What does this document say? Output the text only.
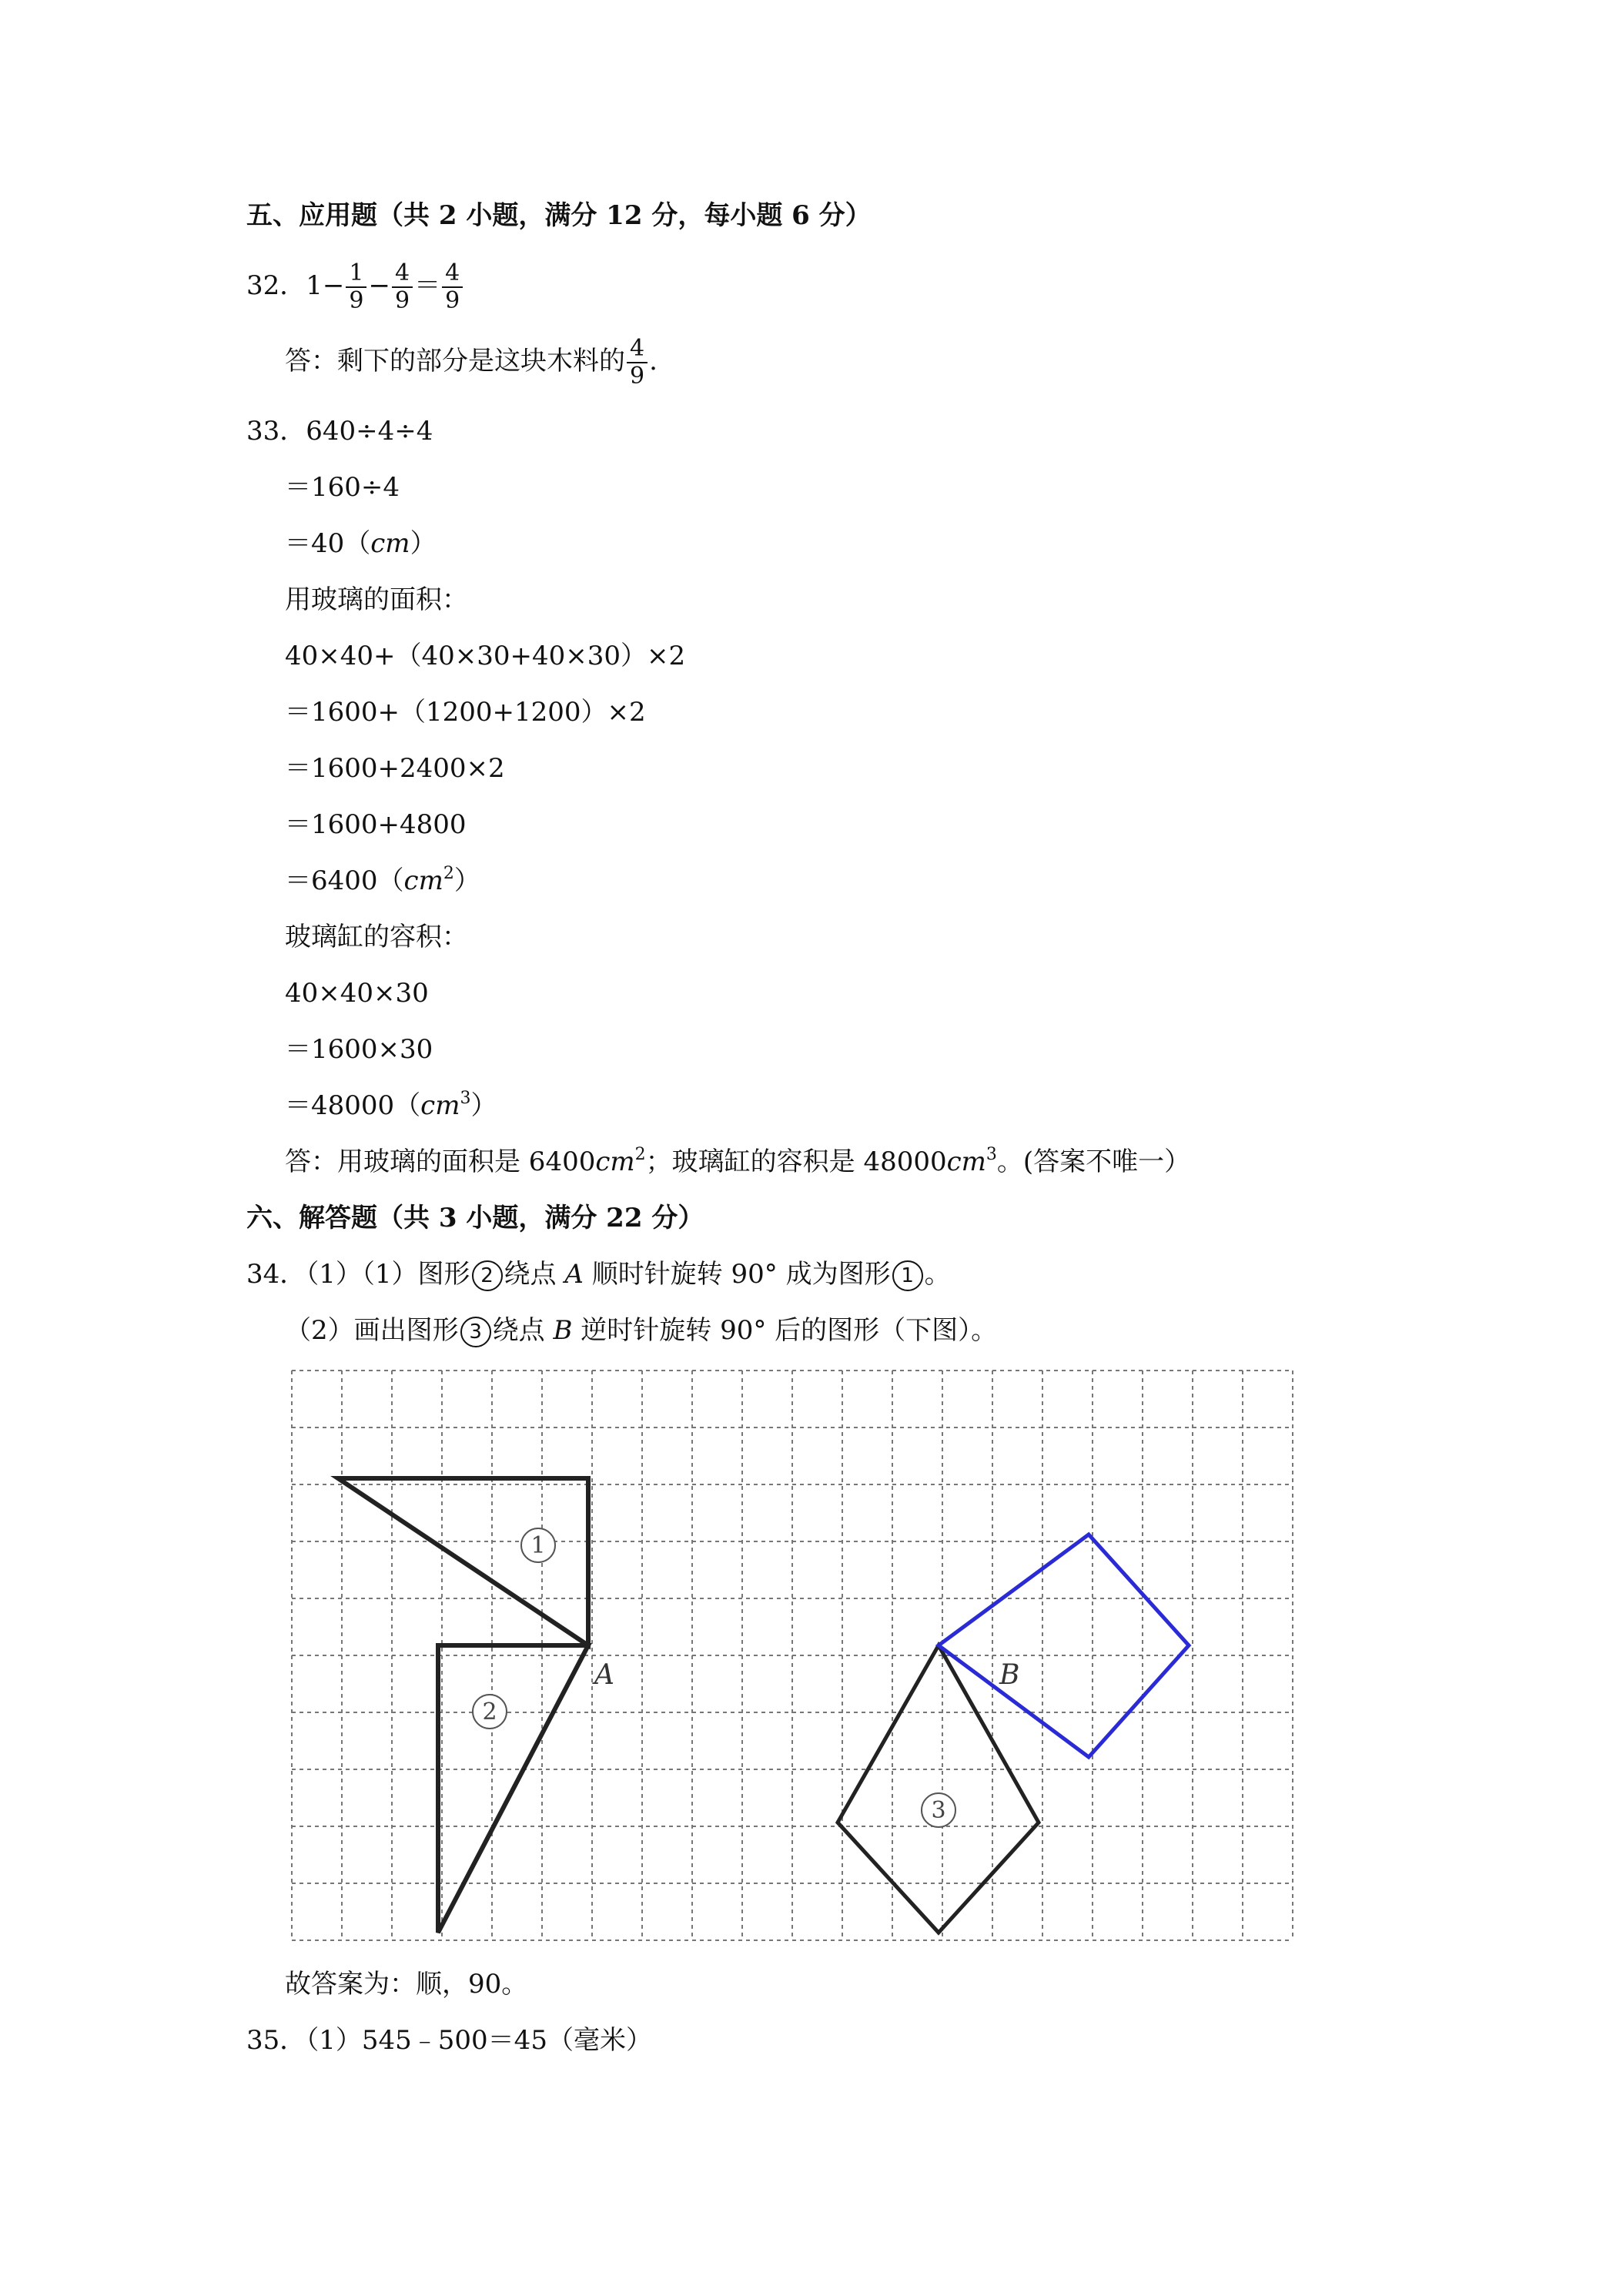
五、应用题（共 2 小题，满分 12 分，每小题 6 分）
32．$1- \frac{1}{9} - \frac{4}{9} = \frac{4}{9}$
答：剩下的部分是这块木料的 $\frac{4}{9}$ .
33．640÷4÷4
＝160÷4
＝40（cm）
用玻璃的面积：
40×40+（40×30+40×30）×2
＝1600+（1200+1200）×2
＝1600+2400×2
＝1600+4800
$=6400(cm^2)$
玻璃缸的容积：
40×40×30
＝1600×30
$=48000(cm^3)$
答：用玻璃的面积是 $6400cm^2$；玻璃缸的容积是 $48000cm^3$。(答案不唯一）
六、解答题（共 3 小题，满分 22 分）
34．（1）（1）图形 2 绕点 A 顺时针旋转 90° 成为图形 1 。
（2）画出图形 3 绕点 B 逆时针旋转 90° 后的图形（下图）。
1
2
3
A	B
故答案为：顺，90。
35．（1）545﹣500＝45（毫米）
